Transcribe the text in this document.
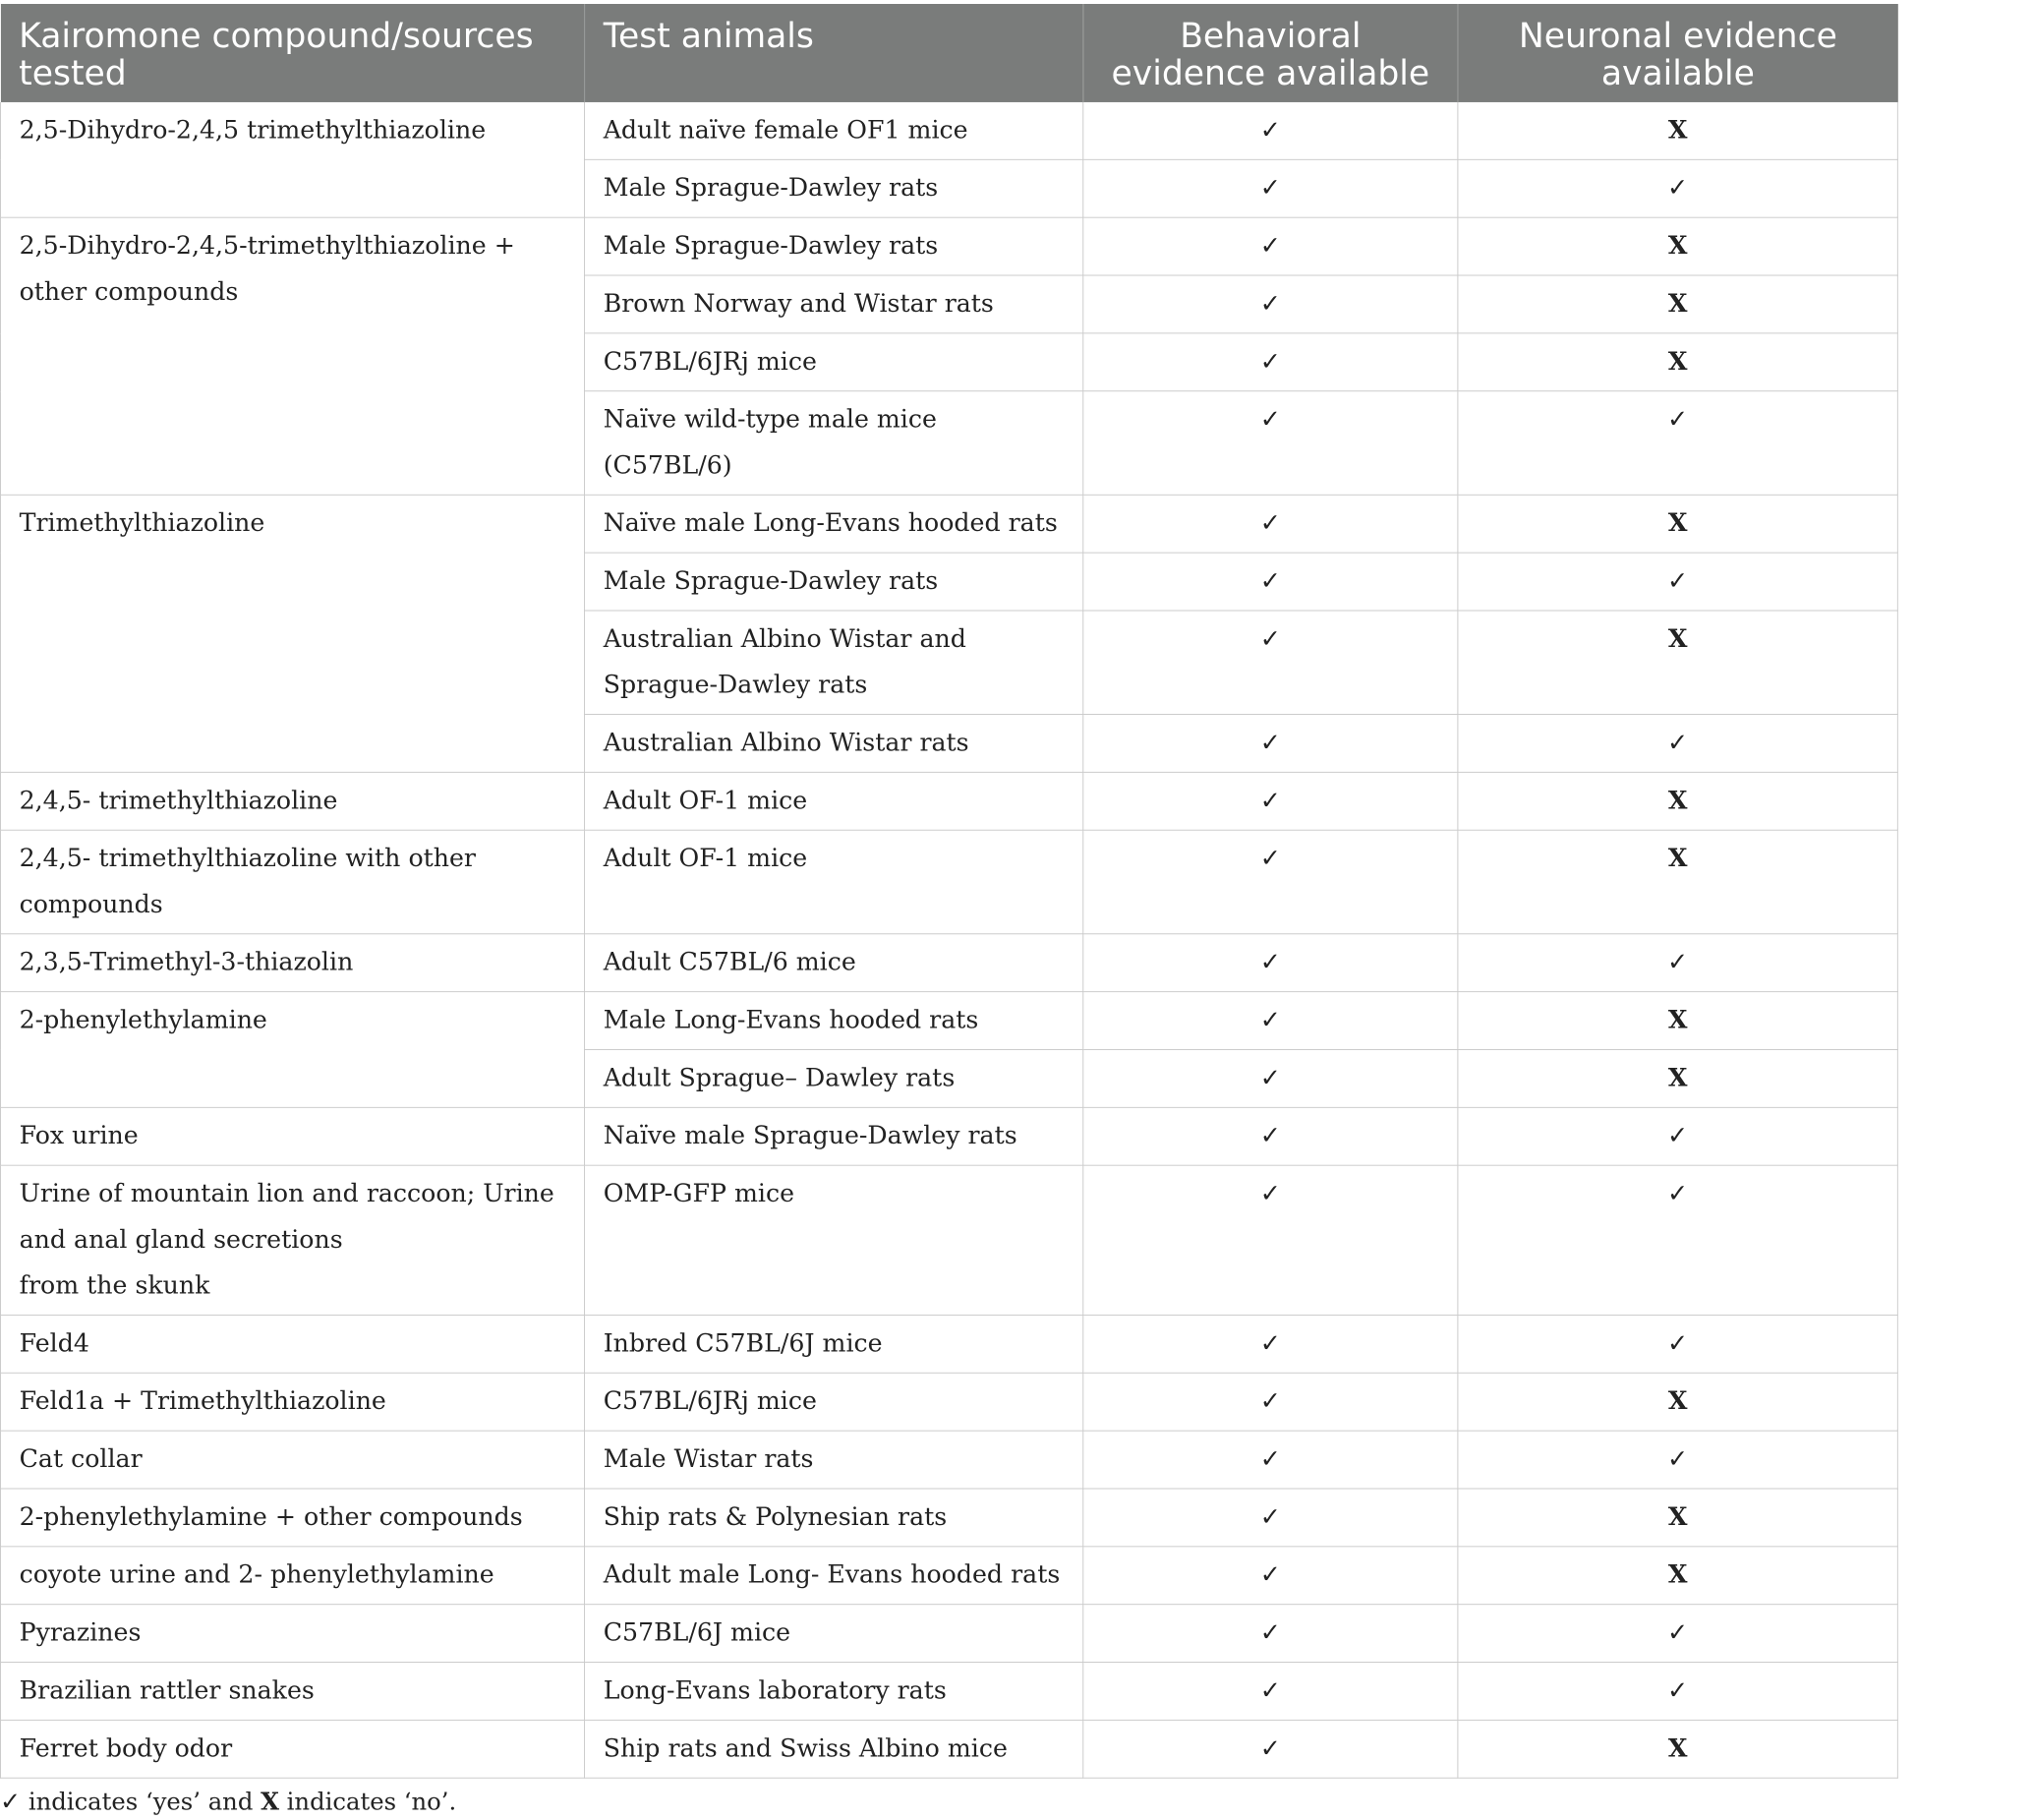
Kairomone compound/sources tested	Test animals	Behavioral evidence available	Neuronal evidence available
2,5-Dihydro-2,4,5 trimethylthiazoline	Adult naïve female OF1 mice	✓	X
	Male Sprague-Dawley rats	✓	✓
2,5-Dihydro-2,4,5-trimethylthiazoline + other compounds	Male Sprague-Dawley rats	✓	X
	Brown Norway and Wistar rats	✓	X
	C57BL/6JRj mice	✓	X
	Naïve wild-type male mice (C57BL/6)	✓	✓
Trimethylthiazoline	Naïve male Long-Evans hooded rats	✓	X
	Male Sprague-Dawley rats	✓	✓
	Australian Albino Wistar and Sprague-Dawley rats	✓	X
	Australian Albino Wistar rats	✓	✓
2,4,5- trimethylthiazoline	Adult OF-1 mice	✓	X
2,4,5- trimethylthiazoline with other compounds	Adult OF-1 mice	✓	X
2,3,5-Trimethyl-3-thiazolin	Adult C57BL/6 mice	✓	✓
2-phenylethylamine	Male Long-Evans hooded rats	✓	X
	Adult Sprague– Dawley rats	✓	X
Fox urine	Naïve male Sprague-Dawley rats	✓	✓
Urine of mountain lion and raccoon; Urine and anal gland secretions
from the skunk	OMP-GFP mice	✓	✓
Feld4	Inbred C57BL/6J mice	✓	✓
Feld1a + Trimethylthiazoline	C57BL/6JRj mice	✓	X
Cat collar	Male Wistar rats	✓	✓
2-phenylethylamine + other compounds	Ship rats & Polynesian rats	✓	X
coyote urine and 2- phenylethylamine	Adult male Long- Evans hooded rats	✓	X
Pyrazines	C57BL/6J mice	✓	✓
Brazilian rattler snakes	Long-Evans laboratory rats	✓	✓
Ferret body odor	Ship rats and Swiss Albino mice	✓	X
✓ indicates ‘yes’ and X indicates ‘no’.
